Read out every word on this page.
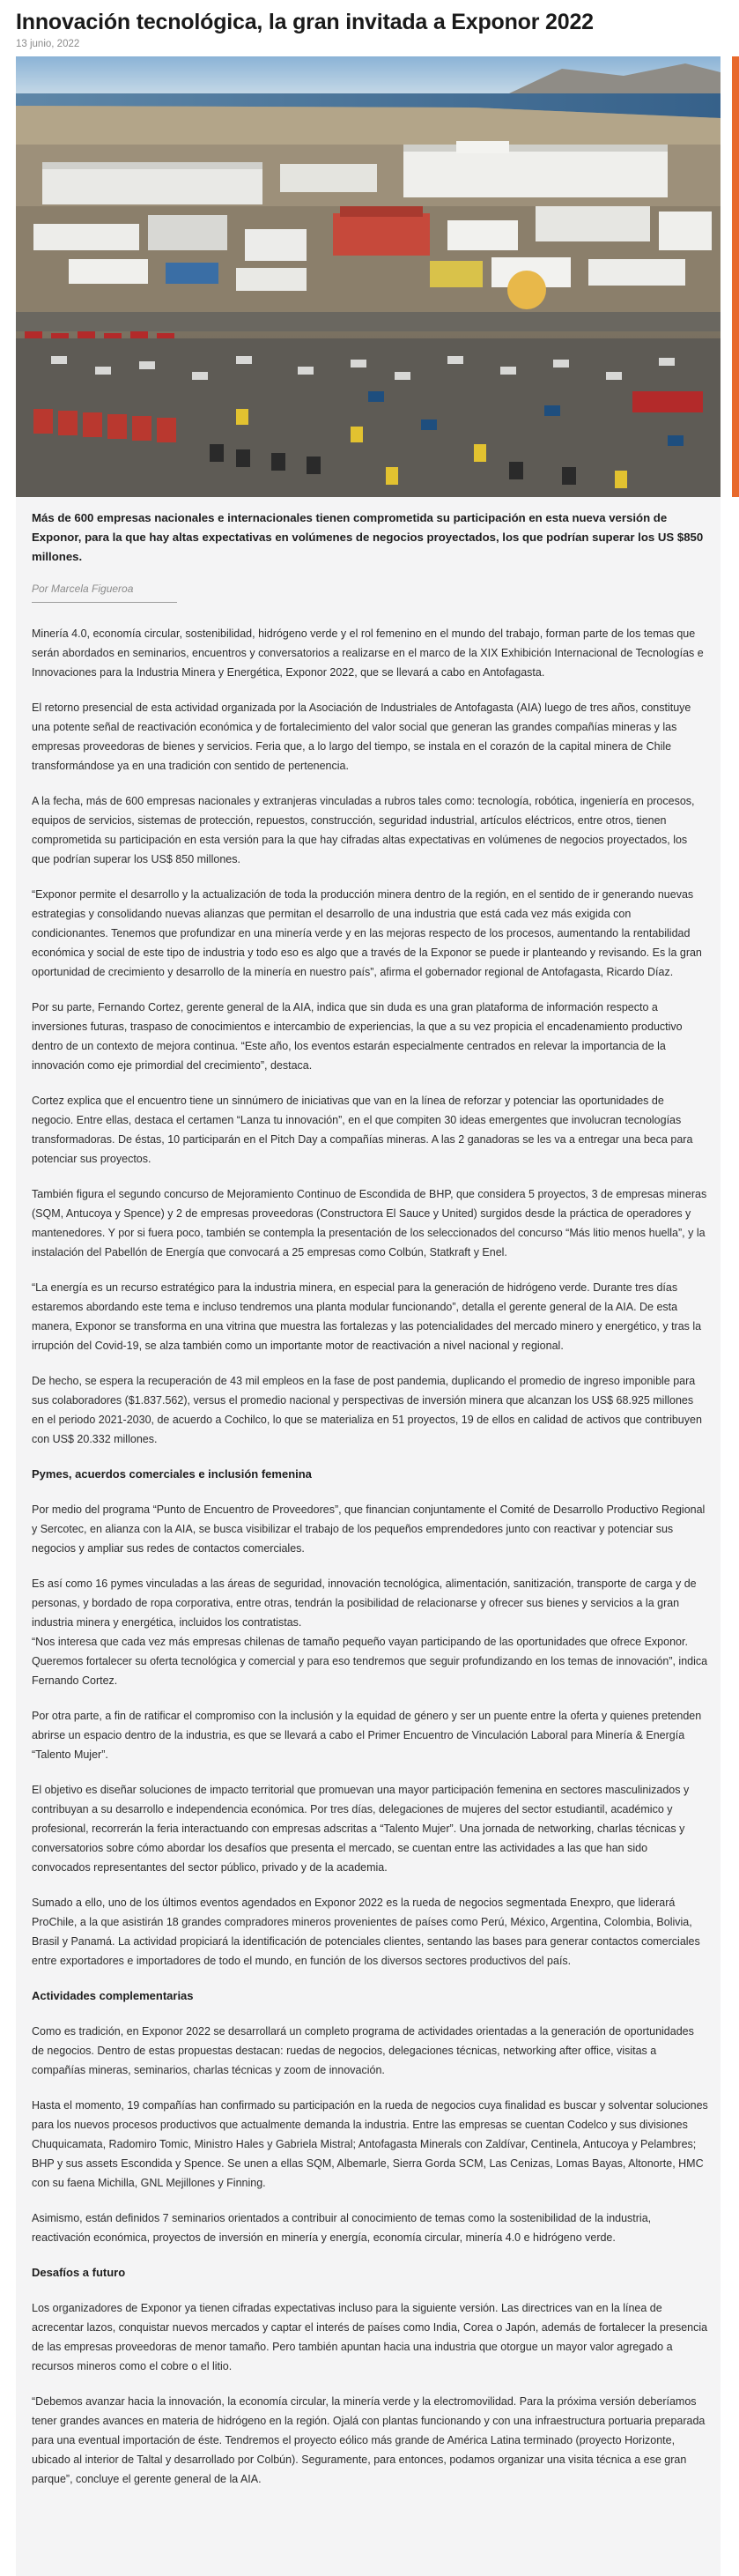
Innovación tecnológica, la gran invitada a Exponor 2022
13 junio, 2022

Más de 600 empresas nacionales e internacionales tienen comprometida su participación en esta nueva versión de Exponor, para la que hay altas expectativas en volúmenes de negocios proyectados, los que podrían superar los US $850 millones.

Por Marcela Figueroa

Minería 4.0, economía circular, sostenibilidad, hidrógeno verde y el rol femenino en el mundo del trabajo, forman parte de los temas que serán abordados en seminarios, encuentros y conversatorios a realizarse en el marco de la XIX Exhibición Internacional de Tecnologías e Innovaciones para la Industria Minera y Energética, Exponor 2022, que se llevará a cabo en Antofagasta.

El retorno presencial de esta actividad organizada por la Asociación de Industriales de Antofagasta (AIA) luego de tres años, constituye una potente señal de reactivación económica y de fortalecimiento del valor social que generan las grandes compañías mineras y las empresas proveedoras de bienes y servicios. Feria que, a lo largo del tiempo, se instala en el corazón de la capital minera de Chile transformándose ya en una tradición con sentido de pertenencia.

A la fecha, más de 600 empresas nacionales y extranjeras vinculadas a rubros tales como: tecnología, robótica, ingeniería en procesos, equipos de servicios, sistemas de protección, repuestos, construcción, seguridad industrial, artículos eléctricos, entre otros, tienen comprometida su participación en esta versión para la que hay cifradas altas expectativas en volúmenes de negocios proyectados, los que podrían superar los US$ 850 millones.

“Exponor permite el desarrollo y la actualización de toda la producción minera dentro de la región, en el sentido de ir generando nuevas estrategias y consolidando nuevas alianzas que permitan el desarrollo de una industria que está cada vez más exigida con condicionantes. Tenemos que profundizar en una minería verde y en las mejoras respecto de los procesos, aumentando la rentabilidad económica y social de este tipo de industria y todo eso es algo que a través de la Exponor se puede ir planteando y revisando. Es la gran oportunidad de crecimiento y desarrollo de la minería en nuestro país”, afirma el gobernador regional de Antofagasta, Ricardo Díaz.

Por su parte, Fernando Cortez, gerente general de la AIA, indica que sin duda es una gran plataforma de información respecto a inversiones futuras, traspaso de conocimientos e intercambio de experiencias, la que a su vez propicia el encadenamiento productivo dentro de un contexto de mejora continua. “Este año, los eventos estarán especialmente centrados en relevar la importancia de la innovación como eje primordial del crecimiento”, destaca.

Cortez explica que el encuentro tiene un sinnúmero de iniciativas que van en la línea de reforzar y potenciar las oportunidades de negocio. Entre ellas, destaca el certamen “Lanza tu innovación”, en el que compiten 30 ideas emergentes que involucran tecnologías transformadoras. De éstas, 10 participarán en el Pitch Day a compañías mineras. A las 2 ganadoras se les va a entregar una beca para potenciar sus proyectos.

También figura el segundo concurso de Mejoramiento Continuo de Escondida de BHP, que considera 5 proyectos, 3 de empresas mineras (SQM, Antucoya y Spence) y 2 de empresas proveedoras (Constructora El Sauce y United) surgidos desde la práctica de operadores y mantenedores. Y por si fuera poco, también se contempla la presentación de los seleccionados del concurso “Más litio menos huella”, y la instalación del Pabellón de Energía que convocará a 25 empresas como Colbún, Statkraft y Enel.

“La energía es un recurso estratégico para la industria minera, en especial para la generación de hidrógeno verde. Durante tres días estaremos abordando este tema e incluso tendremos una planta modular funcionando”, detalla el gerente general de la AIA. De esta manera, Exponor se transforma en una vitrina que muestra las fortalezas y las potencialidades del mercado minero y energético, y tras la irrupción del Covid-19, se alza también como un importante motor de reactivación a nivel nacional y regional.

De hecho, se espera la recuperación de 43 mil empleos en la fase de post pandemia, duplicando el promedio de ingreso imponible para sus colaboradores ($1.837.562), versus el promedio nacional y perspectivas de inversión minera que alcanzan los US$ 68.925 millones en el periodo 2021-2030, de acuerdo a Cochilco, lo que se materializa en 51 proyectos, 19 de ellos en calidad de activos que contribuyen con US$ 20.332 millones.

Pymes, acuerdos comerciales e inclusión femenina

Por medio del programa “Punto de Encuentro de Proveedores”, que financian conjuntamente el Comité de Desarrollo Productivo Regional y Sercotec, en alianza con la AIA, se busca visibilizar el trabajo de los pequeños emprendedores junto con reactivar y potenciar sus negocios y ampliar sus redes de contactos comerciales.

Es así como 16 pymes vinculadas a las áreas de seguridad, innovación tecnológica, alimentación, sanitización, transporte de carga y de personas, y bordado de ropa corporativa, entre otras, tendrán la posibilidad de relacionarse y ofrecer sus bienes y servicios a la gran industria minera y energética, incluidos los contratistas.
“Nos interesa que cada vez más empresas chilenas de tamaño pequeño vayan participando de las oportunidades que ofrece Exponor. Queremos fortalecer su oferta tecnológica y comercial y para eso tendremos que seguir profundizando en los temas de innovación”, indica Fernando Cortez.

Por otra parte, a fin de ratificar el compromiso con la inclusión y la equidad de género y ser un puente entre la oferta y quienes pretenden abrirse un espacio dentro de la industria, es que se llevará a cabo el Primer Encuentro de Vinculación Laboral para Minería & Energía “Talento Mujer”.

El objetivo es diseñar soluciones de impacto territorial que promuevan una mayor participación femenina en sectores masculinizados y contribuyan a su desarrollo e independencia económica. Por tres días, delegaciones de mujeres del sector estudiantil, académico y profesional, recorrerán la feria interactuando con empresas adscritas a “Talento Mujer”. Una jornada de networking, charlas técnicas y conversatorios sobre cómo abordar los desafíos que presenta el mercado, se cuentan entre las actividades a las que han sido convocados representantes del sector público, privado y de la academia.

Sumado a ello, uno de los últimos eventos agendados en Exponor 2022 es la rueda de negocios segmentada Enexpro, que liderará ProChile, a la que asistirán 18 grandes compradores mineros provenientes de países como Perú, México, Argentina, Colombia, Bolivia, Brasil y Panamá. La actividad propiciará la identificación de potenciales clientes, sentando las bases para generar contactos comerciales entre exportadores e importadores de todo el mundo, en función de los diversos sectores productivos del país.

Actividades complementarias

Como es tradición, en Exponor 2022 se desarrollará un completo programa de actividades orientadas a la generación de oportunidades de negocios. Dentro de estas propuestas destacan: ruedas de negocios, delegaciones técnicas, networking after office, visitas a compañías mineras, seminarios, charlas técnicas y zoom de innovación.

Hasta el momento, 19 compañías han confirmado su participación en la rueda de negocios cuya finalidad es buscar y solventar soluciones para los nuevos procesos productivos que actualmente demanda la industria. Entre las empresas se cuentan Codelco y sus divisiones Chuquicamata, Radomiro Tomic, Ministro Hales y Gabriela Mistral; Antofagasta Minerals con Zaldívar, Centinela, Antucoya y Pelambres; BHP y sus assets Escondida y Spence. Se unen a ellas SQM, Albemarle, Sierra Gorda SCM, Las Cenizas, Lomas Bayas, Altonorte, HMC con su faena Michilla, GNL Mejillones y Finning.

Asimismo, están definidos 7 seminarios orientados a contribuir al conocimiento de temas como la sostenibilidad de la industria, reactivación económica, proyectos de inversión en minería y energía, economía circular, minería 4.0 e hidrógeno verde.

Desafíos a futuro

Los organizadores de Exponor ya tienen cifradas expectativas incluso para la siguiente versión. Las directrices van en la línea de acrecentar lazos, conquistar nuevos mercados y captar el interés de países como India, Corea o Japón, además de fortalecer la presencia de las empresas proveedoras de menor tamaño. Pero también apuntan hacia una industria que otorgue un mayor valor agregado a recursos mineros como el cobre o el litio.

“Debemos avanzar hacia la innovación, la economía circular, la minería verde y la electromovilidad. Para la próxima versión deberíamos tener grandes avances en materia de hidrógeno en la región. Ojalá con plantas funcionando y con una infraestructura portuaria preparada para una eventual importación de éste. Tendremos el proyecto eólico más grande de América Latina terminado (proyecto Horizonte, ubicado al interior de Taltal y desarrollado por Colbún). Seguramente, para entonces, podamos organizar una visita técnica a ese gran parque”, concluye el gerente general de la AIA.
